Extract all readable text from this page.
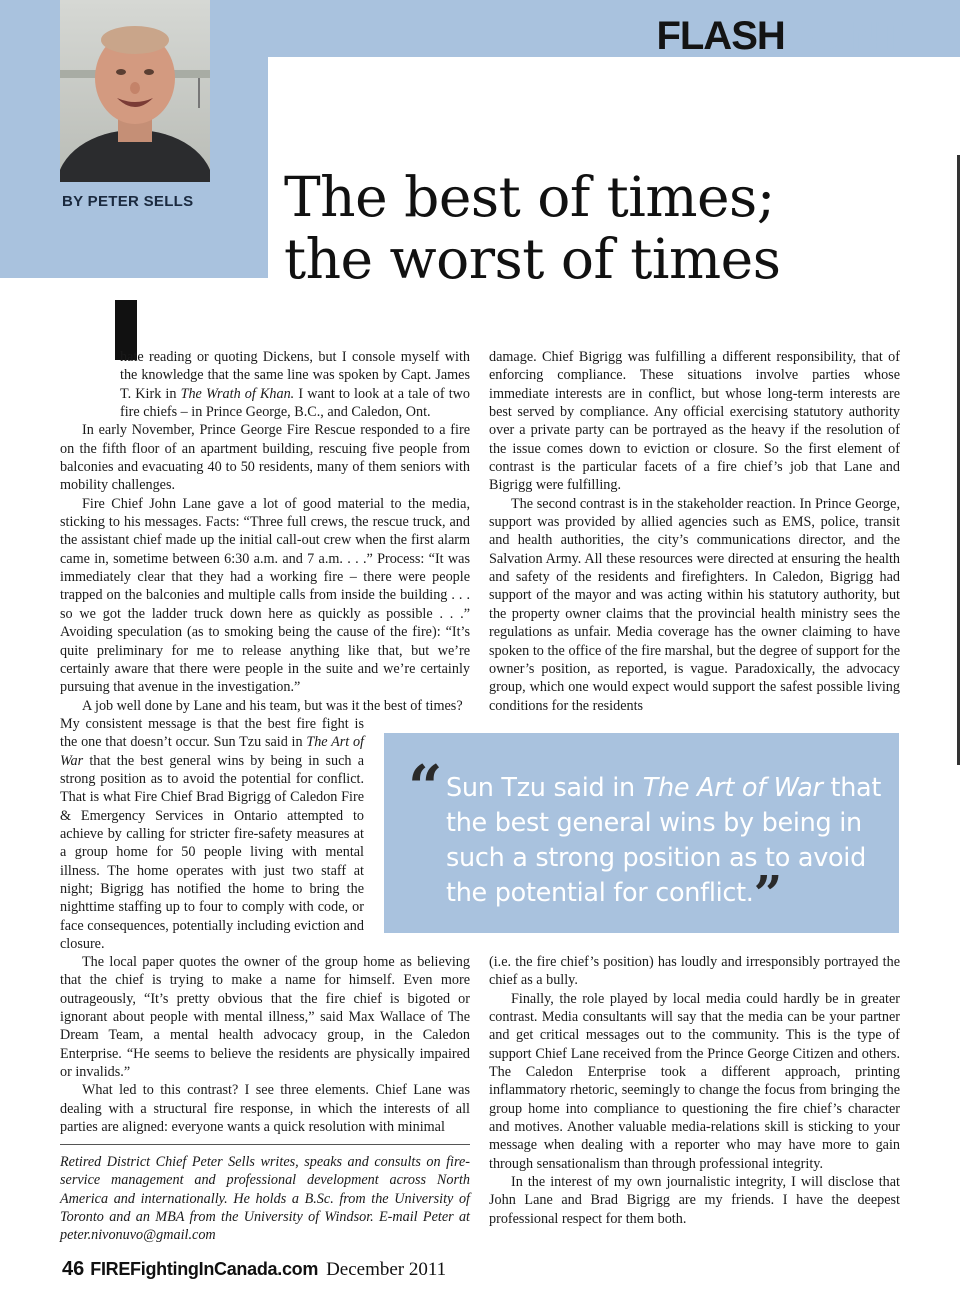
FLASHPOINT
BY PETER SELLS	The best of times;
the worst of times

hate reading or quoting Dickens, but I console myself with the knowledge that the same line was spoken by Capt. James T. Kirk in The Wrath of Khan. I want to look at a tale of two fire chiefs – in Prince George, B.C., and Caledon, Ont.

In early November, Prince George Fire Rescue responded to a fire on the fifth floor of an apartment building, rescuing five people from balconies and evacuating 40 to 50 residents, many of them seniors with mobility challenges.

Fire Chief John Lane gave a lot of good material to the media, sticking to his messages. Facts: “Three full crews, the rescue truck, and the assistant chief made up the initial call-out crew when the first alarm came in, sometime between 6:30 a.m. and 7 a.m. . . .” Process: “It was immediately clear that they had a working fire – there were people trapped on the balconies and multiple calls from inside the building . . . so we got the ladder truck down here as quickly as possible . . .” Avoiding speculation (as to smoking being the cause of the fire): “It’s quite preliminary for me to release anything like that, but we’re certainly aware that there were people in the suite and we’re certainly pursuing that avenue in the investigation.”

A job well done by Lane and his team, but was it the best of times?

My consistent message is that the best fire fight is the one that doesn’t occur. Sun Tzu said in The Art of War that the best general wins by being in such a strong position as to avoid the potential for conflict. That is what Fire Chief Brad Bigrigg of Caledon Fire & Emergency Services in Ontario attempted to achieve by calling for stricter fire-safety measures at a group home for 50 people living with mental illness. The home operates with just two staff at night; Bigrigg has notified the home to bring the nighttime staffing up to four to comply with code, or face consequences, potentially including eviction and closure.

The local paper quotes the owner of the group home as believing that the chief is trying to make a name for himself. Even more outrageously, “It’s pretty obvious that the fire chief is bigoted or ignorant about people with mental illness,” said Max Wallace of The Dream Team, a mental health advocacy group, in the Caledon Enterprise. “He seems to believe the residents are physically impaired or invalids.”

What led to this contrast? I see three elements. Chief Lane was dealing with a structural fire response, in which the interests of all parties are aligned: everyone wants a quick resolution with minimal

damage. Chief Bigrigg was fulfilling a different responsibility, that of enforcing compliance. These situations involve parties whose immediate interests are in conflict, but whose long-term interests are best served by compliance. Any official exercising statutory authority over a private party can be portrayed as the heavy if the resolution of the issue comes down to eviction or closure. So the first element of contrast is the particular facets of a fire chief’s job that Lane and Bigrigg were fulfilling.

The second contrast is in the stakeholder reaction. In Prince George, support was provided by allied agencies such as EMS, police, transit and health authorities, the city’s communications director, and the Salvation Army. All these resources were directed at ensuring the health and safety of the residents and firefighters. In Caledon, Bigrigg had support of the mayor and was acting within his statutory authority, but the property owner claims that the provincial health ministry sees the regulations as unfair. Media coverage has the owner claiming to have spoken to the office of the fire marshal, but the degree of support for the owner’s position, as reported, is vague. Paradoxically, the advocacy group, which one would expect would support the safest possible living conditions for the residents

“ Sun Tzu said in The Art of War that the best general wins by being in such a strong position as to avoid the potential for conflict.”

(i.e. the fire chief’s position) has loudly and irresponsibly portrayed the chief as a bully.

Finally, the role played by local media could hardly be in greater contrast. Media consultants will say that the media can be your partner and get critical messages out to the community. This is the type of support Chief Lane received from the Prince George Citizen and others. The Caledon Enterprise took a different approach, printing inflammatory rhetoric, seemingly to change the focus from bringing the group home into compliance to questioning the fire chief’s character and motives. Another valuable media-relations skill is sticking to your message when dealing with a reporter who may have more to gain through sensationalism than through professional integrity.

In the interest of my own journalistic integrity, I will disclose that John Lane and Brad Bigrigg are my friends. I have the deepest professional respect for them both.

Retired District Chief Peter Sells writes, speaks and consults on fire-service management and professional development across North America and internationally. He holds a B.Sc. from the University of Toronto and an MBA from the University of Windsor. E-mail Peter at peter.nivonuvo@gmail.com
46 FIREFightingInCanada.com December 2011
